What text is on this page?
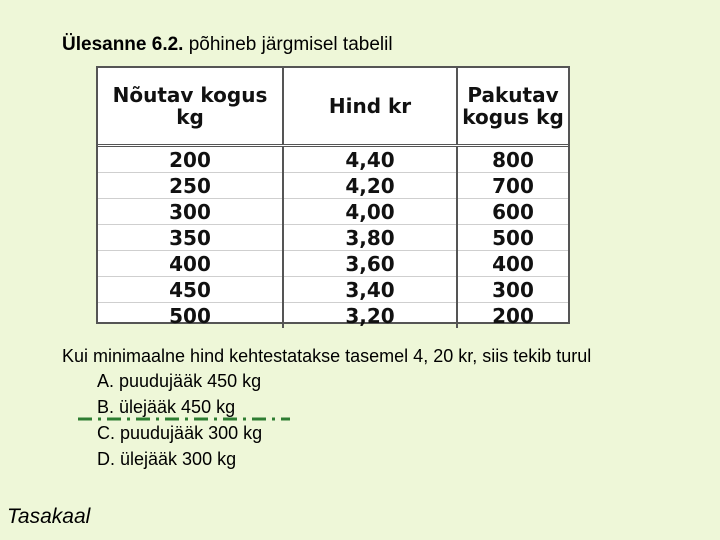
Ülesanne 6.2. põhineb järgmisel tabelil
Nõutav kogus kg	Hind kr	Pakutav kogus kg
200	4,40	800
250	4,20	700
300	4,00	600
350	3,80	500
400	3,60	400
450	3,40	300
500	3,20	200
Kui minimaalne hind kehtestatakse tasemel 4, 20 kr, siis tekib turul
A. puudujääk 450 kg
B. ülejääk 450 kg
C. puudujääk 300 kg
D. ülejääk 300 kg
Tasakaal
